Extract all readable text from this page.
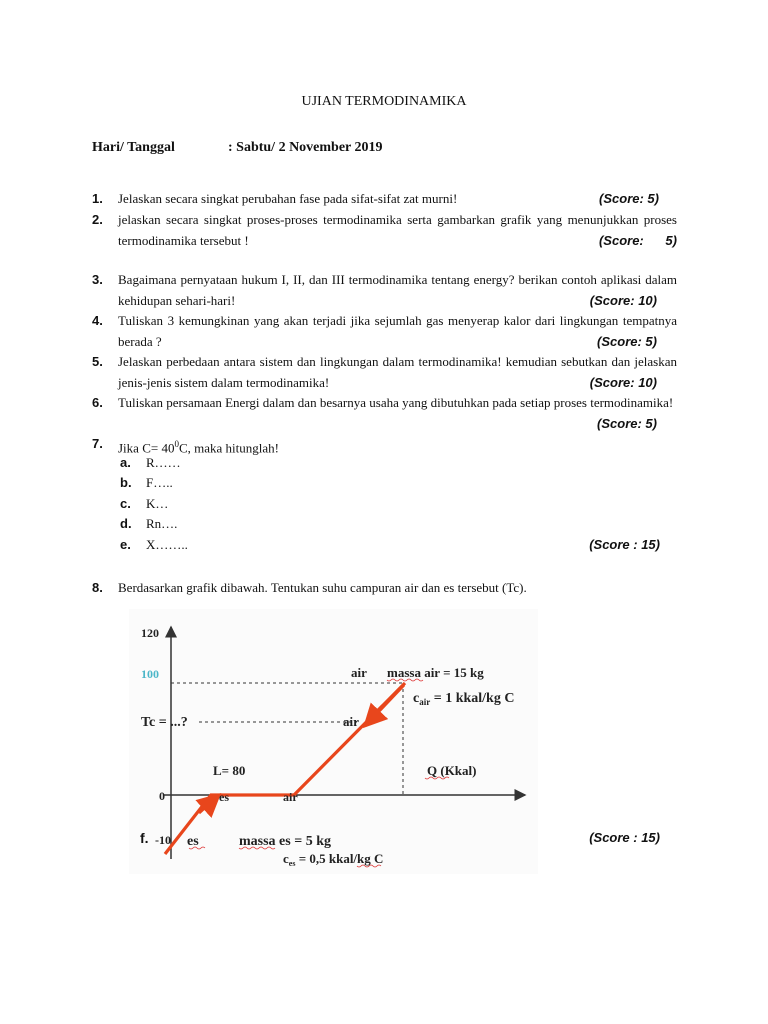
UJIAN TERMODINAMIKA
Hari/ Tanggal	: Sabtu/ 2 November 2019
1.	Jelaskan secara singkat perubahan fase pada sifat-sifat zat murni!	(Score: 5)
2.	jelaskan secara singkat proses-proses termodinamika serta gambarkan grafik yang menunjukkan proses termodinamika tersebut !	(Score:      5)
3.	Bagaimana pernyataan hukum I, II, dan III termodinamika tentang energy? berikan contoh aplikasi dalam kehidupan sehari-hari!	(Score: 10)
4.	Tuliskan 3 kemungkinan yang akan terjadi jika sejumlah gas menyerap kalor dari lingkungan tempatnya berada ?	(Score: 5)
5.	Jelaskan perbedaan antara sistem dan lingkungan dalam termodinamika! kemudian sebutkan dan jelaskan jenis-jenis sistem dalam termodinamika!	(Score: 10)
6.	Tuliskan persamaan Energi dalam dan besarnya usaha yang dibutuhkan pada setiap proses termodinamika!
(Score: 5)
7.	Jika $C= 40^0C$, maka hitunglah!
a. R……
b. F…..
c. K…
d. Rn….
e. X……..	(Score : 15)
8.	Berdasarkan grafik dibawah. Tentukan suhu campuran air dan es tersebut (Tc).
120
100
Tc = ...?
0
-10
air massa air = 15 kg
$c_{air} = 1$ kkal/kg C
air
L= 80	Q (Kkal)
es	air
es	massa es = 5 kg
$c_{es} = 0,5$ kkal/kg C
f.	(Score : 15)
